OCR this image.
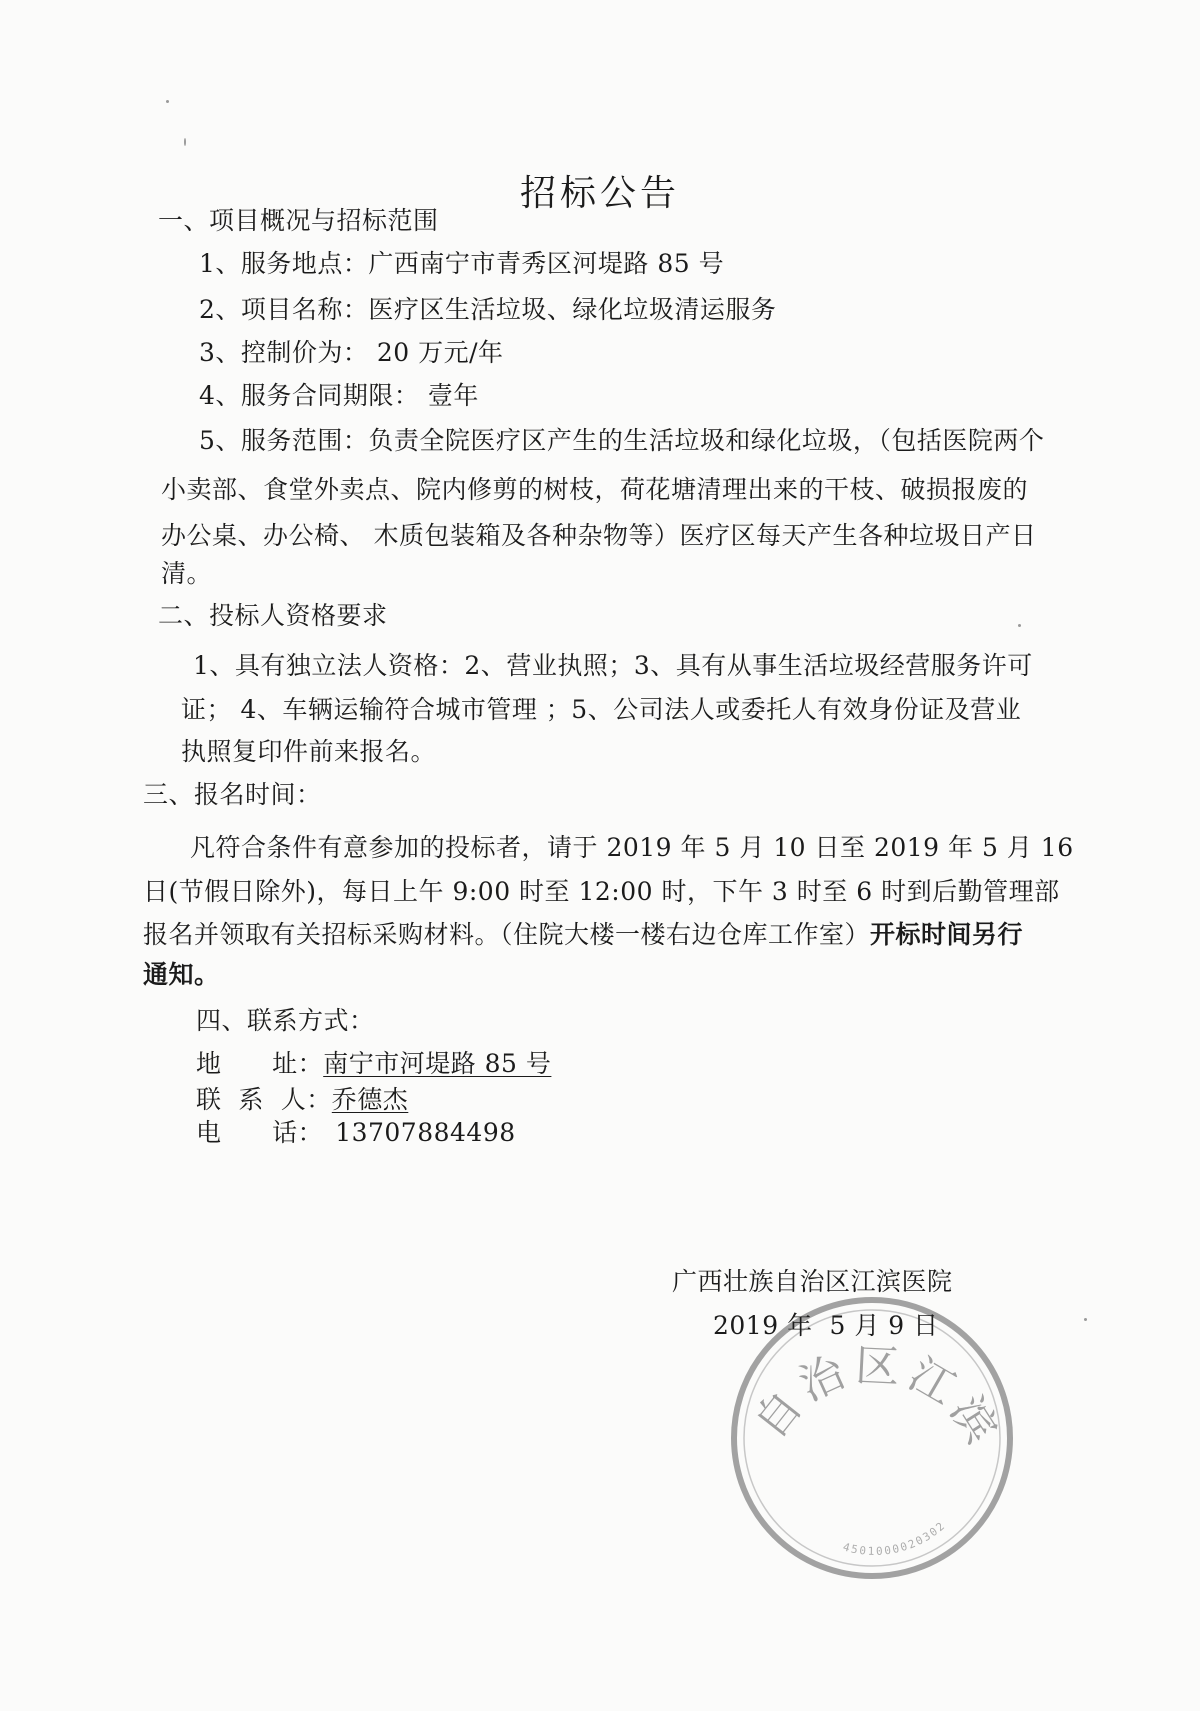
招标公告
一、项目概况与招标范围
1、服务地点：广西南宁市青秀区河堤路 85 号
2、项目名称：医疗区生活垃圾、绿化垃圾清运服务
3、控制价为： 20 万元/年
4、服务合同期限： 壹年
5、服务范围：负责全院医疗区产生的生活垃圾和绿化垃圾，（包括医院两个
小卖部、食堂外卖点、院内修剪的树枝，荷花塘清理出来的干枝、破损报废的
办公桌、办公椅、 木质包装箱及各种杂物等）医疗区每天产生各种垃圾日产日
清。
二、投标人资格要求
1、具有独立法人资格：2、营业执照；3、具有从事生活垃圾经营服务许可
证； 4、车辆运输符合城市管理 ；5、公司法人或委托人有效身份证及营业
执照复印件前来报名。
三、报名时间：
凡符合条件有意参加的投标者，请于 2019 年 5 月 10 日至 2019 年 5 月 16
日(节假日除外)，每日上午 9:00 时至 12:00 时，下午 3 时至 6 时到后勤管理部
报名并领取有关招标采购材料。（住院大楼一楼右边仓库工作室）开标时间另行
通知。
四、联系方式：
地      址：南宁市河堤路 85 号
联  系  人：乔德杰
电      话： 13707884498
自治区江滨
4501000020302
广西壮族自治区江滨医院
2019 年  5 月 9 日
